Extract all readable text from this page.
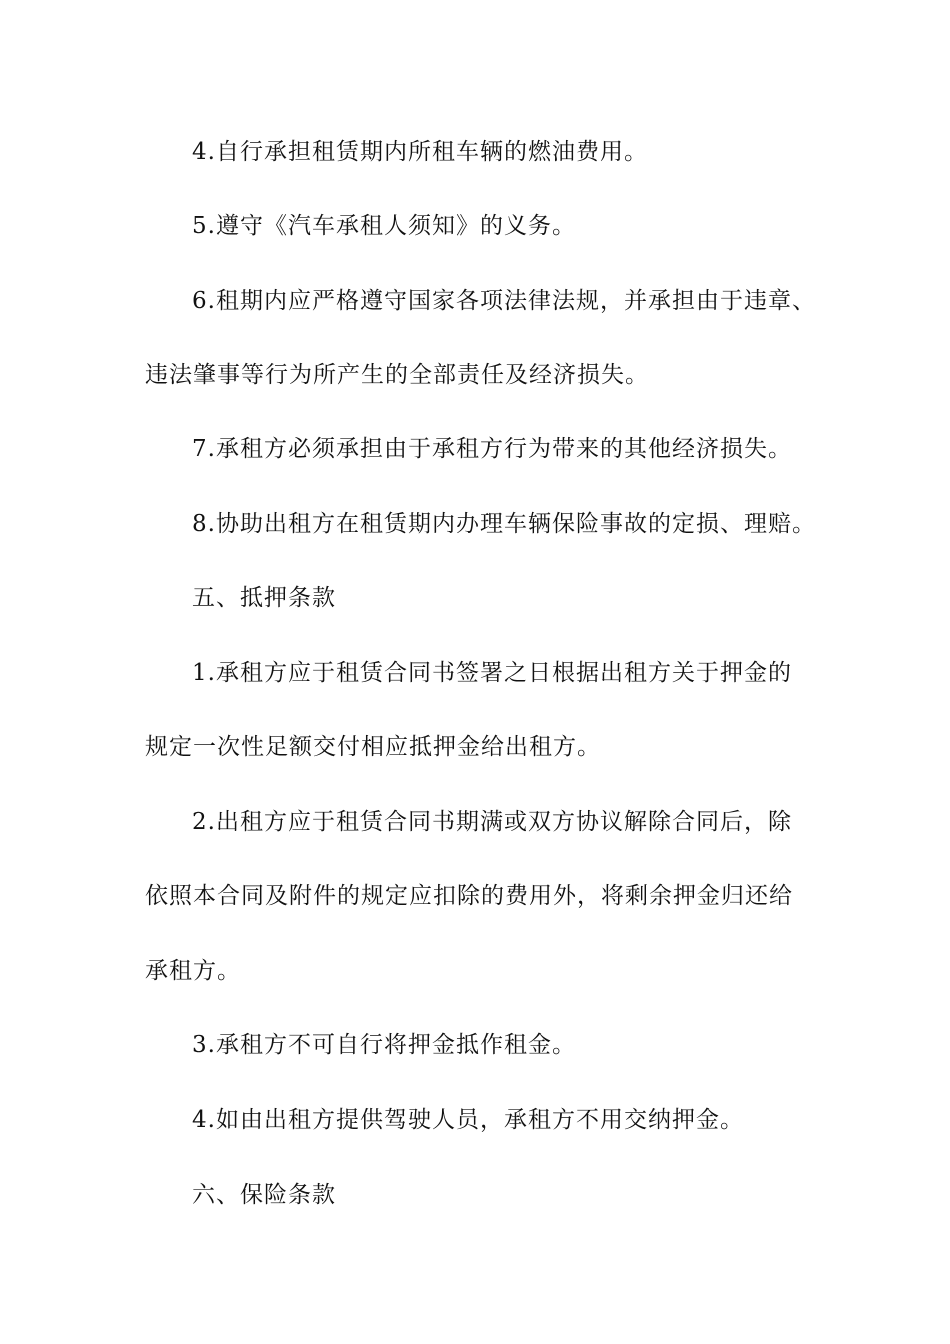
4.自行承担租赁期内所租车辆的燃油费用。
5.遵守《汽车承租人须知》的义务。
6.租期内应严格遵守国家各项法律法规，并承担由于违章、
违法肇事等行为所产生的全部责任及经济损失。
7.承租方必须承担由于承租方行为带来的其他经济损失。
8.协助出租方在租赁期内办理车辆保险事故的定损、理赔。
五、抵押条款
1.承租方应于租赁合同书签署之日根据出租方关于押金的
规定一次性足额交付相应抵押金给出租方。
2.出租方应于租赁合同书期满或双方协议解除合同后，除
依照本合同及附件的规定应扣除的费用外，将剩余押金归还给
承租方。
3.承租方不可自行将押金抵作租金。
4.如由出租方提供驾驶人员，承租方不用交纳押金。
六、保险条款
